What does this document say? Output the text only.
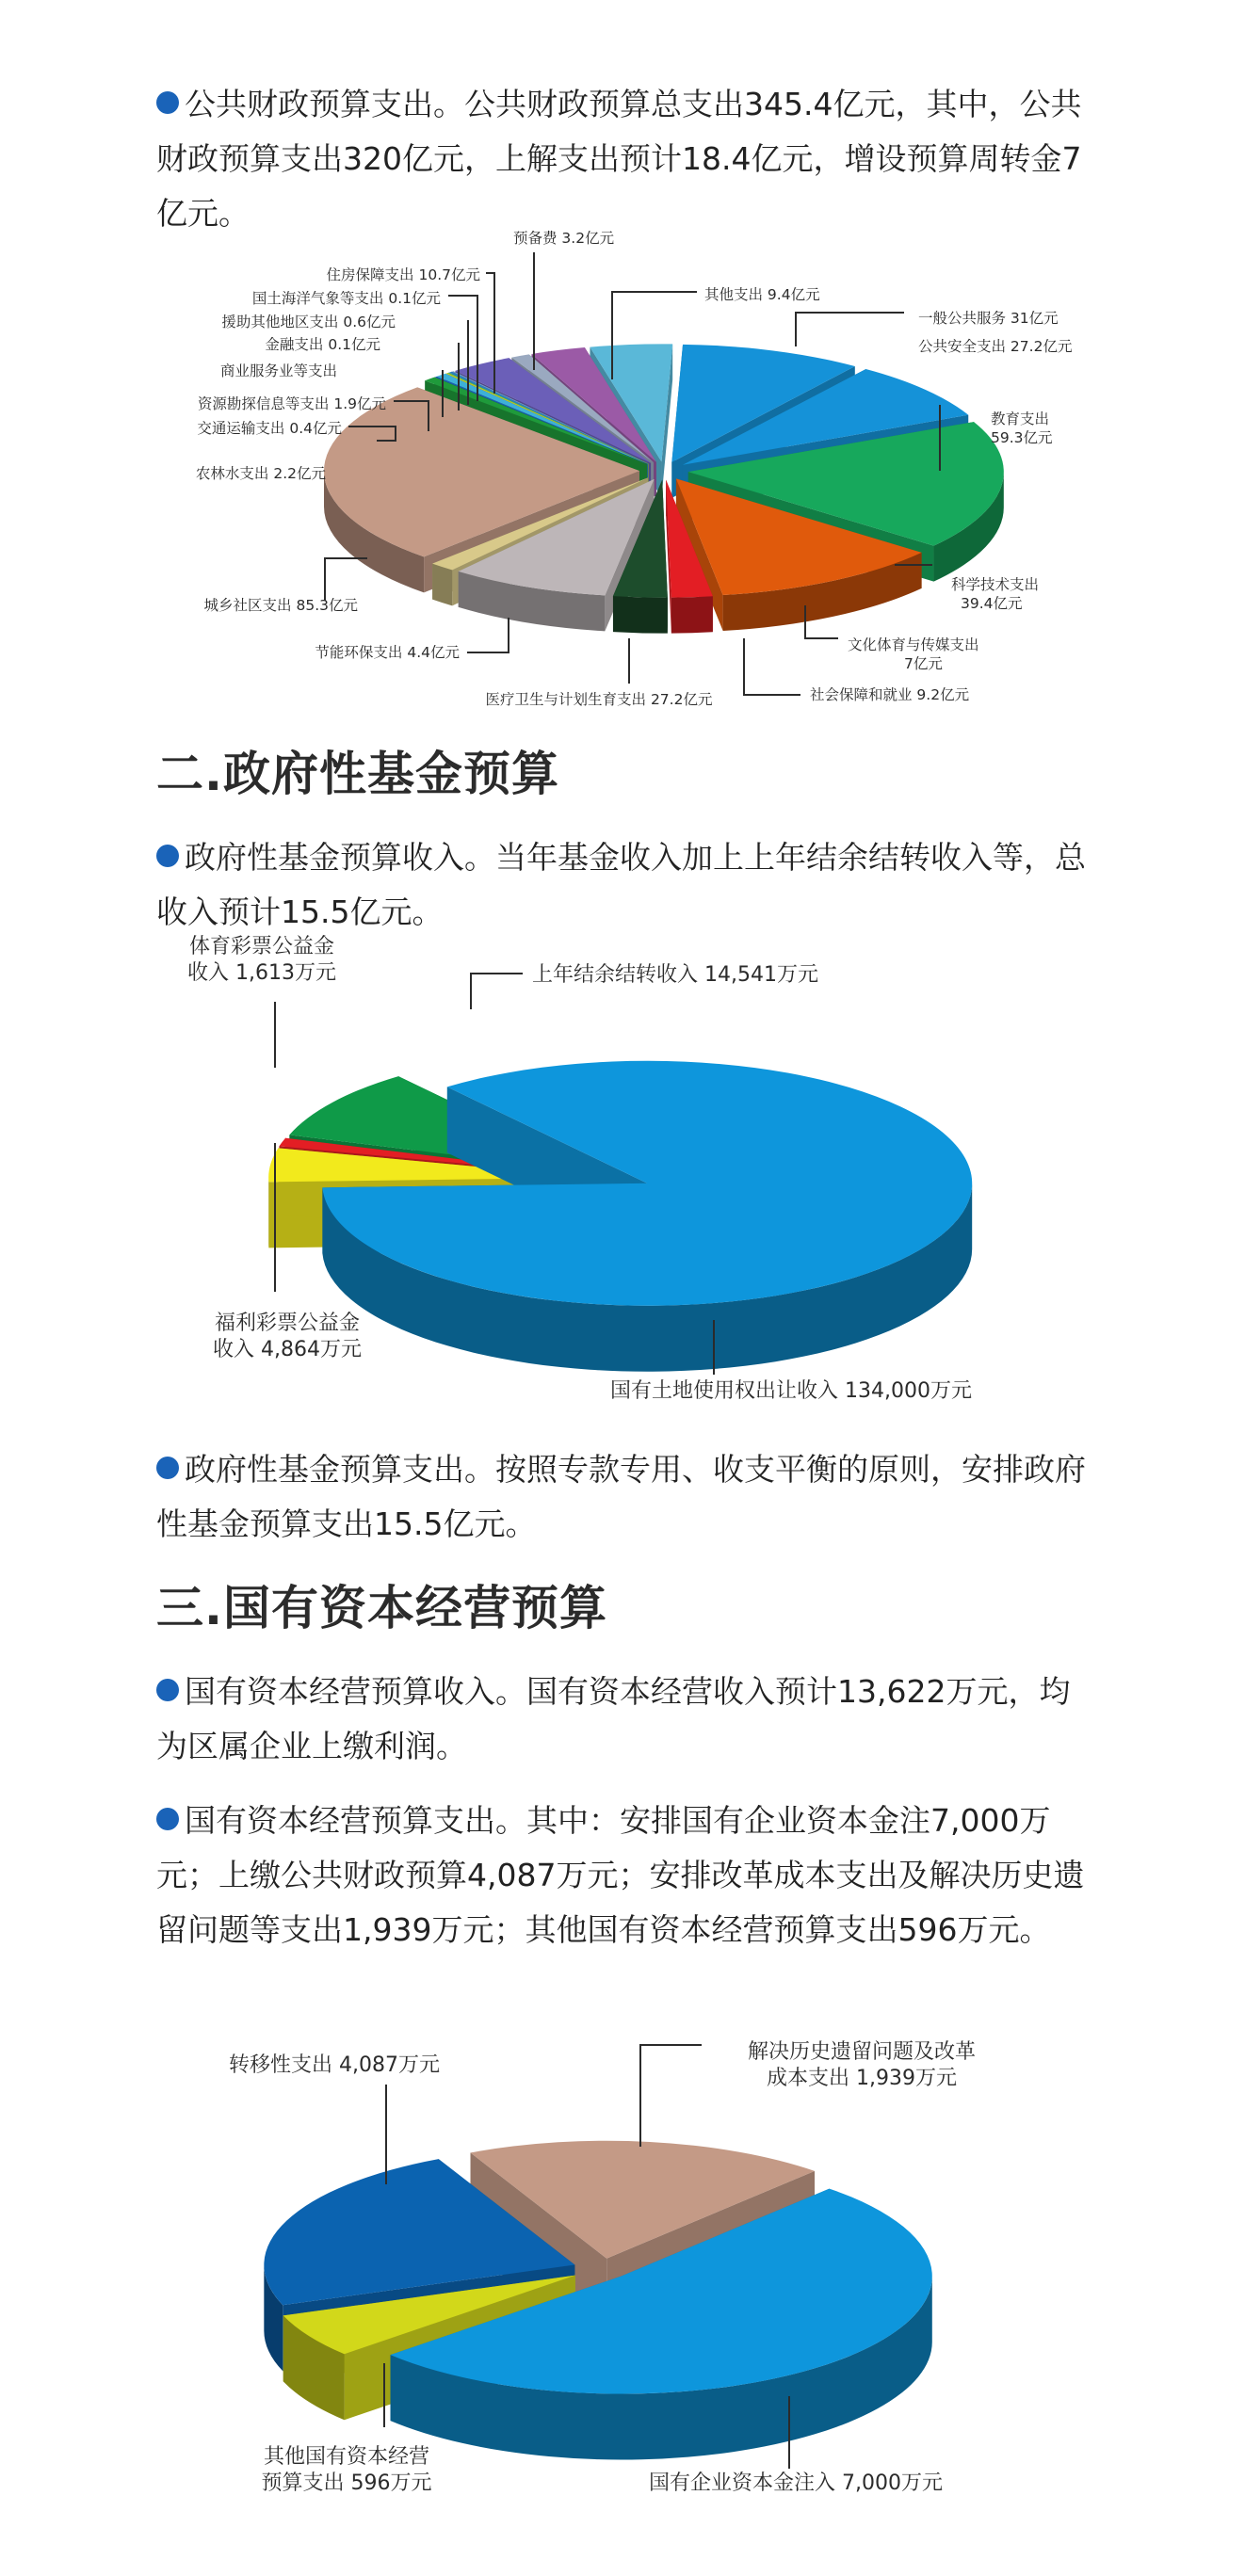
公共财政预算支出。公共财政预算总支出345.4亿元，其中，公共财政预算支出320亿元，上解支出预计18.4亿元，增设预算周转金7亿元。

一般公共服务 31亿元
公共安全支出 27.2亿元
教育支出
59.3亿元
科学技术支出
39.4亿元
文化体育与传媒支出
7亿元
社会保障和就业 9.2亿元
医疗卫生与计划生育支出 27.2亿元
节能环保支出 4.4亿元
城乡社区支出 85.3亿元
农林水支出 2.2亿元
交通运输支出 0.4亿元
资源勘探信息等支出 1.9亿元
商业服务业等支出
金融支出 0.1亿元
援助其他地区支出 0.6亿元
国土海洋气象等支出 0.1亿元
住房保障支出 10.7亿元
预备费 3.2亿元
其他支出 9.4亿元
二.政府性基金预算

政府性基金预算收入。当年基金收入加上上年结余结转收入等，总收入预计15.5亿元。

上年结余结转收入 14,541万元
体育彩票公益金
收入 1,613万元
福利彩票公益金
收入 4,864万元
国有土地使用权出让收入 134,000万元

政府性基金预算支出。按照专款专用、收支平衡的原则，安排政府性基金预算支出15.5亿元。

三.国有资本经营预算

国有资本经营预算收入。国有资本经营收入预计13,622万元，均为区属企业上缴利润。

国有资本经营预算支出。其中：安排国有企业资本金注7,000万元；上缴公共财政预算4,087万元；安排改革成本支出及解决历史遗留问题等支出1,939万元；其他国有资本经营预算支出596万元。

转移性支出 4,087万元
解决历史遗留问题及改革
成本支出 1,939万元
其他国有资本经营
预算支出 596万元	国有企业资本金注入 7,000万元
